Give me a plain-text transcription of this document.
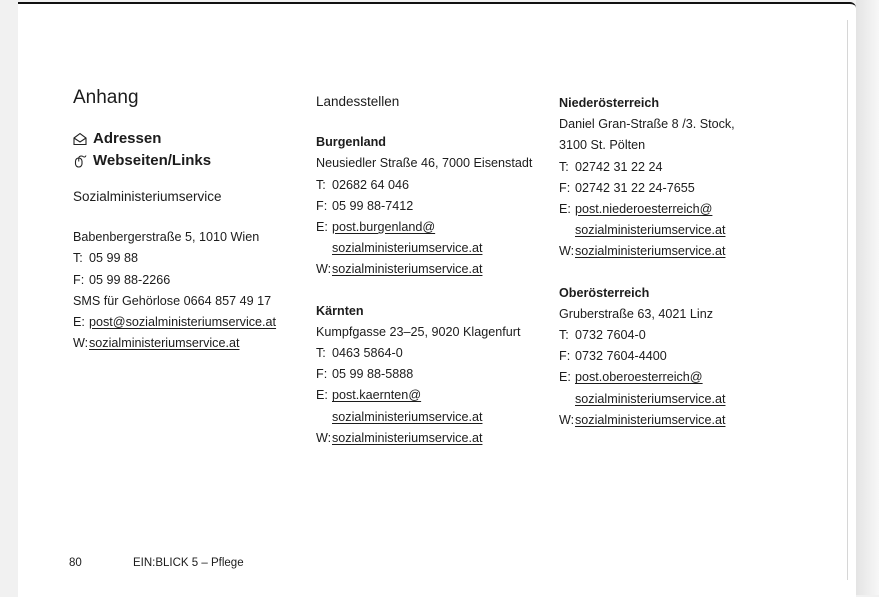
Anhang
Adressen
Webseiten/Links
Sozialministeriumservice
Babenbergerstraße 5, 1010 Wien
T: 05 99 88
F: 05 99 88-2266
SMS für Gehörlose 0664 857 49 17
E: post@sozialministeriumservice.at
W:sozialministeriumservice.at
Landesstellen
Burgenland
Neusiedler Straße 46, 7000 Eisenstadt
T: 02682 64 046
F: 05 99 88-7412
E: post.burgenland@
sozialministeriumservice.at
W:sozialministeriumservice.at
Kärnten
Kumpfgasse 23–25, 9020 Klagenfurt
T: 0463 5864-0
F: 05 99 88-5888
E: post.kaernten@
sozialministeriumservice.at
W:sozialministeriumservice.at
Niederösterreich
Daniel Gran-Straße 8 /3. Stock,
3100 St. Pölten
T: 02742 31 22 24
F: 02742 31 22 24-7655
E: post.niederoesterreich@
sozialministeriumservice.at
W:sozialministeriumservice.at
Oberösterreich
Gruberstraße 63, 4021 Linz
T: 0732 7604-0
F: 0732 7604-4400
E: post.oberoesterreich@
sozialministeriumservice.at
W:sozialministeriumservice.at
80	EIN:BLICK 5 – Pflege
